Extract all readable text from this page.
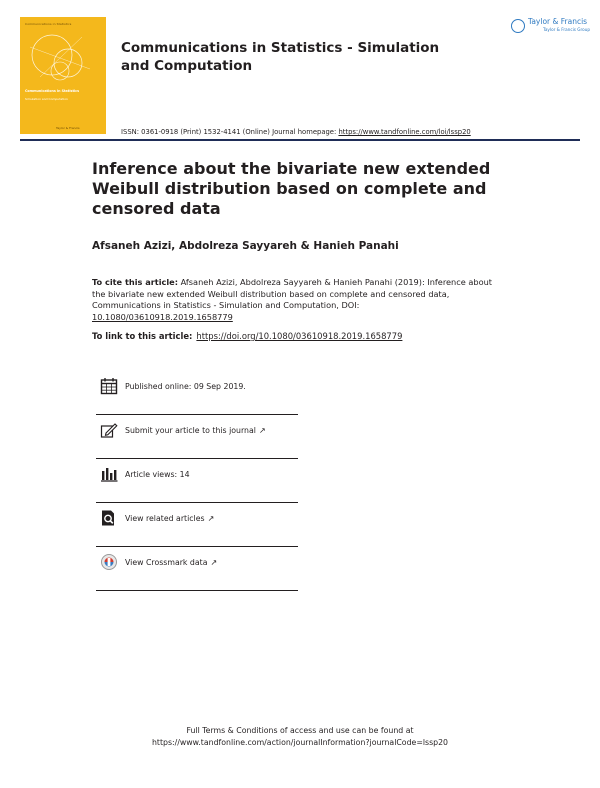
Communications in Statistics
Communications in Statistics
Simulation and Computation
Taylor & Francis
Communications in Statistics - Simulation and Computation
Taylor & Francis
Taylor & Francis Group
ISSN: 0361-0918 (Print) 1532-4141 (Online) Journal homepage: https://www.tandfonline.com/loi/lssp20
Inference about the bivariate new extended Weibull distribution based on complete and censored data
Afsaneh Azizi, Abdolreza Sayyareh & Hanieh Panahi
To cite this article: Afsaneh Azizi, Abdolreza Sayyareh & Hanieh Panahi (2019): Inference about the bivariate new extended Weibull distribution based on complete and censored data, Communications in Statistics - Simulation and Computation, DOI: 10.1080/03610918.2019.1658779
To link to this article: https://doi.org/10.1080/03610918.2019.1658779
Published online: 09 Sep 2019.
Submit your article to this journal ↗
Article views: 14
View related articles ↗
View Crossmark data ↗
Full Terms & Conditions of access and use can be found at
https://www.tandfonline.com/action/journalInformation?journalCode=lssp20
